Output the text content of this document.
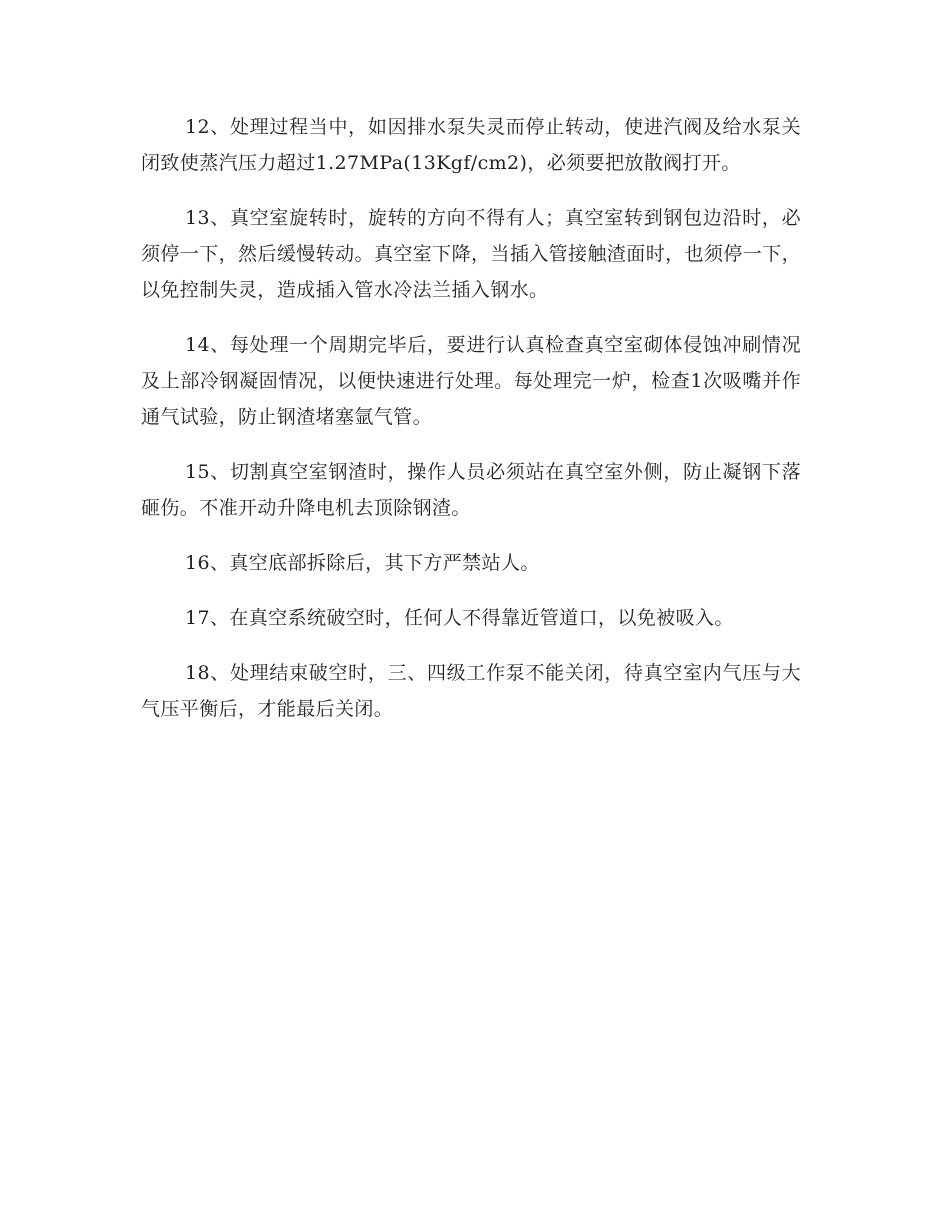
12、处理过程当中，如因排水泵失灵而停止转动，使进汽阀及给水泵关闭致使蒸汽压力超过1.27MPa(13Kgf/cm2)，必须要把放散阀打开。

13、真空室旋转时，旋转的方向不得有人；真空室转到钢包边沿时，必须停一下，然后缓慢转动。真空室下降，当插入管接触渣面时，也须停一下，以免控制失灵，造成插入管水冷法兰插入钢水。

14、每处理一个周期完毕后，要进行认真检查真空室砌体侵蚀冲刷情况及上部冷钢凝固情况，以便快速进行处理。每处理完一炉，检查1次吸嘴并作通气试验，防止钢渣堵塞氩气管。

15、切割真空室钢渣时，操作人员必须站在真空室外侧，防止凝钢下落砸伤。不准开动升降电机去顶除钢渣。

16、真空底部拆除后，其下方严禁站人。

17、在真空系统破空时，任何人不得靠近管道口，以免被吸入。

18、处理结束破空时，三、四级工作泵不能关闭，待真空室内气压与大气压平衡后，才能最后关闭。
